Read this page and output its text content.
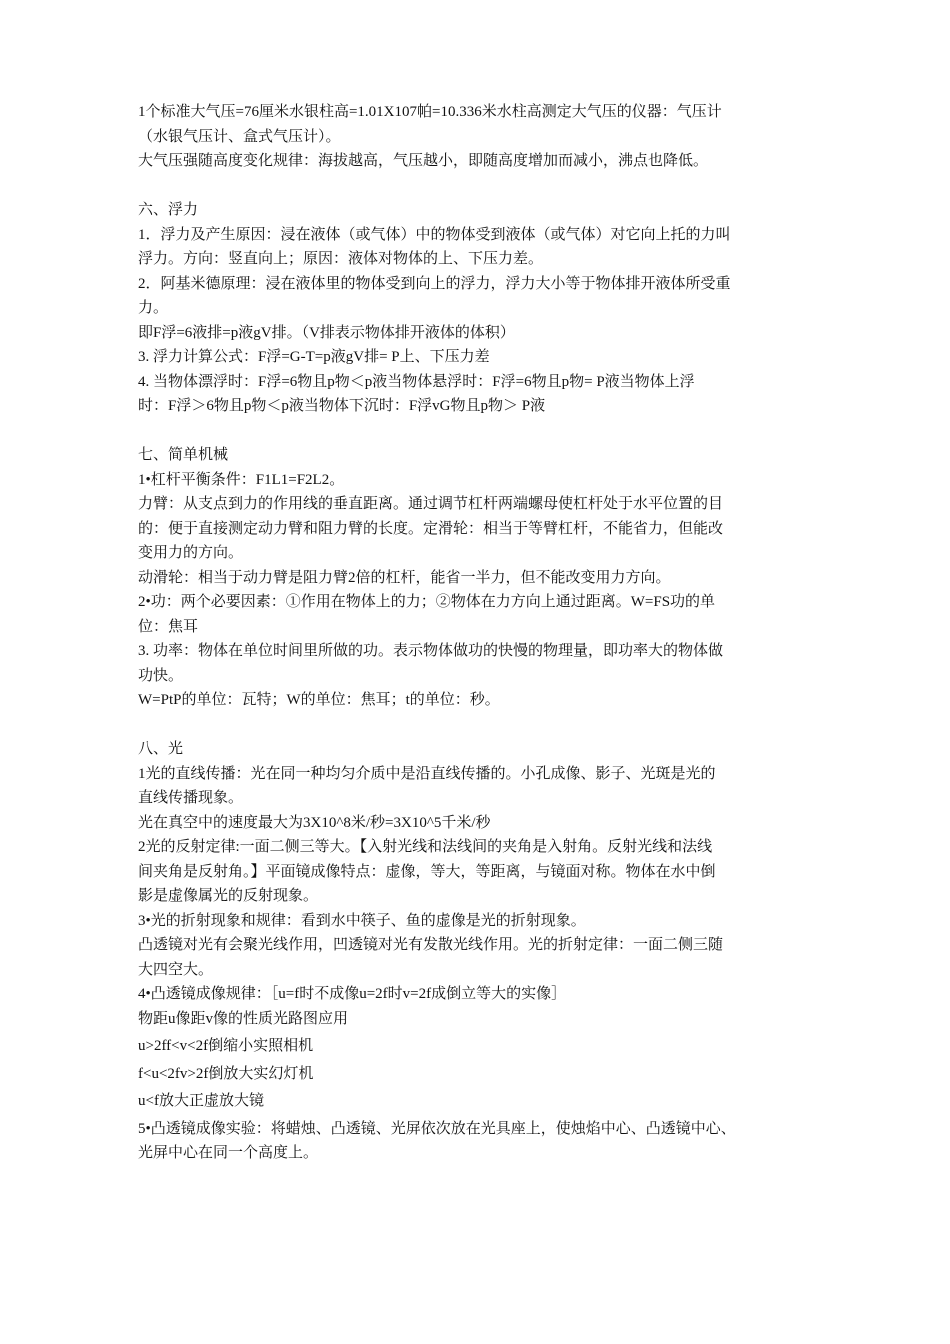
1个标准大气压=76厘米水银柱高=1.01X107帕=10.336米水柱高测定大气压的仪器：气压计
（水银气压计、盒式气压计）。
大气压强随高度变化规律：海拔越高，气压越小，即随高度增加而减小，沸点也降低。
六、浮力
1．浮力及产生原因：浸在液体（或气体）中的物体受到液体（或气体）对它向上托的力叫
浮力。方向：竖直向上；原因：液体对物体的上、下压力差。
2．阿基米德原理：浸在液体里的物体受到向上的浮力，浮力大小等于物体排开液体所受重
力。
即F浮=6液排=p液gV排。（V排表示物体排开液体的体积）
3. 浮力计算公式：F浮=G-T=p液gV排= P上、下压力差
4. 当物体漂浮时：F浮=6物且p物＜p液当物体悬浮时：F浮=6物且p物= P液当物体上浮
时：F浮＞6物且p物＜p液当物体下沉时：F浮vG物且p物＞ P液
七、简单机械
1•杠杆平衡条件：F1L1=F2L2。
力臂：从支点到力的作用线的垂直距离。通过调节杠杆两端螺母使杠杆处于水平位置的目
的：便于直接测定动力臂和阻力臂的长度。定滑轮：相当于等臂杠杆，不能省力，但能改
变用力的方向。
动滑轮：相当于动力臂是阻力臂2倍的杠杆，能省一半力，但不能改变用力方向。
2•功：两个必要因素：①作用在物体上的力；②物体在力方向上通过距离。W=FS功的单
位：焦耳
3. 功率：物体在单位时间里所做的功。表示物体做功的快慢的物理量，即功率大的物体做
功快。
W=PtP的单位：瓦特；W的单位：焦耳；t的单位：秒。
八、光
1光的直线传播：光在同一种均匀介质中是沿直线传播的。小孔成像、影子、光斑是光的
直线传播现象。
光在真空中的速度最大为3X10^8米/秒=3X10^5千米/秒
2光的反射定律:一面二侧三等大。【入射光线和法线间的夹角是入射角。反射光线和法线
间夹角是反射角。】平面镜成像特点：虚像，等大，等距离，与镜面对称。物体在水中倒
影是虚像属光的反射现象。
3•光的折射现象和规律：看到水中筷子、鱼的虚像是光的折射现象。
凸透镜对光有会聚光线作用，凹透镜对光有发散光线作用。光的折射定律：一面二侧三随
大四空大。
4•凸透镜成像规律：［u=f时不成像u=2f时v=2f成倒立等大的实像］
物距u像距v像的性质光路图应用
u>2ff<v<2f倒缩小实照相机
f<u<2fv>2f倒放大实幻灯机
u<f放大正虚放大镜
5•凸透镜成像实验：将蜡烛、凸透镜、光屏依次放在光具座上，使烛焰中心、凸透镜中心、
光屏中心在同一个高度上。
